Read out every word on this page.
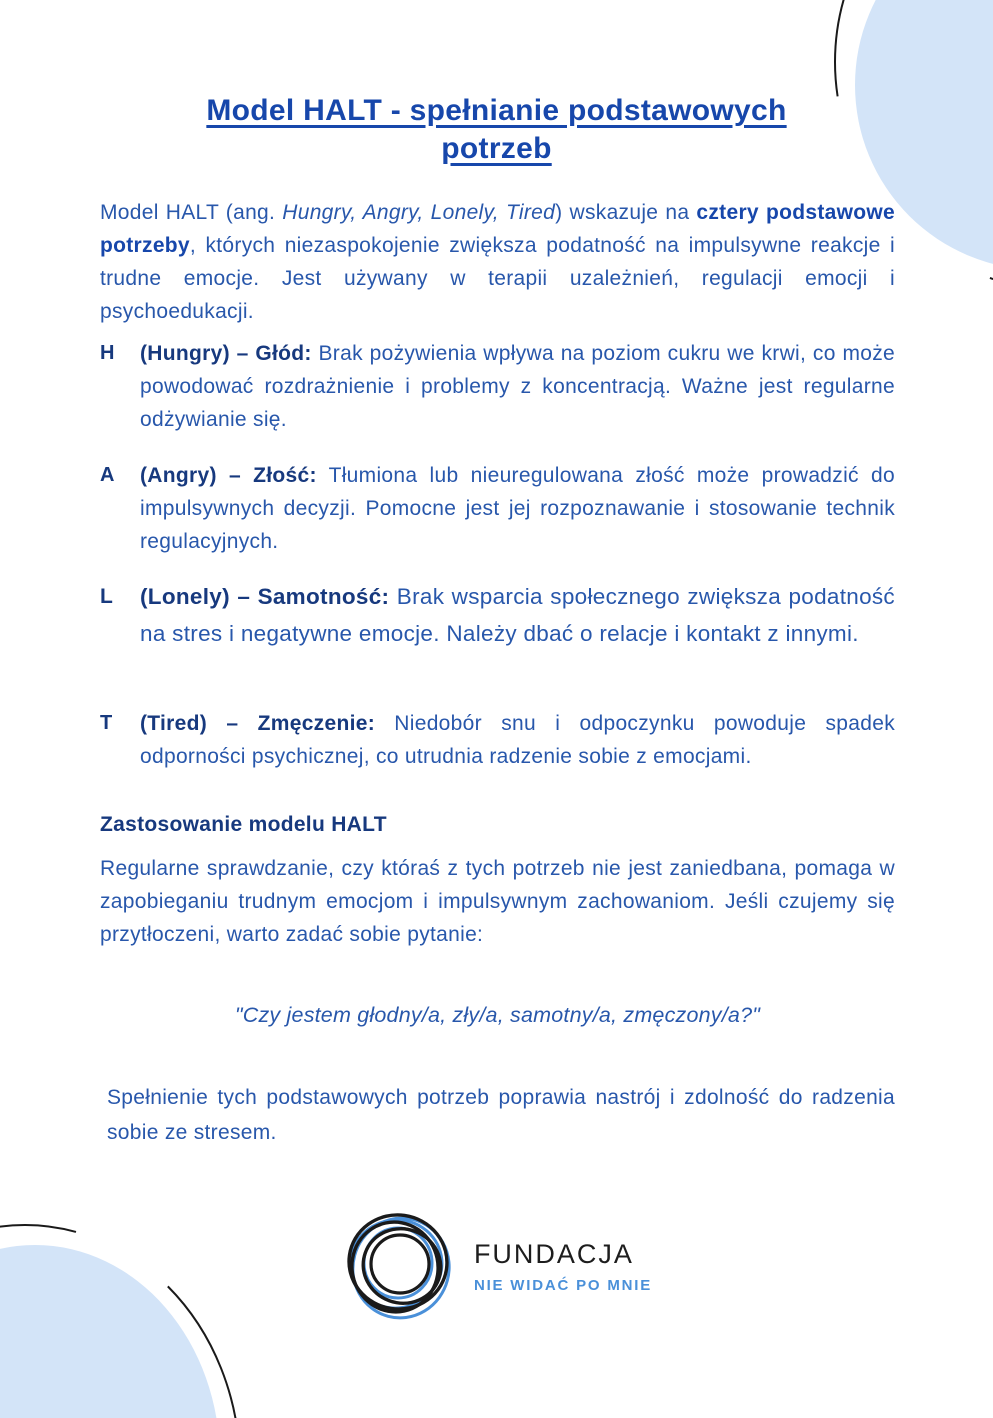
Model HALT - spełnianie podstawowych
potrzeb

Model HALT (ang. Hungry, Angry, Lonely, Tired) wskazuje na cztery podstawowe potrzeby, których niezaspokojenie zwiększa podatność na impulsywne reakcje i trudne emocje. Jest używany w terapii uzależnień, regulacji emocji i psychoedukacji.

H	(Hungry) – Głód: Brak pożywienia wpływa na poziom cukru we krwi, co może powodować rozdrażnienie i problemy z koncentracją. Ważne jest regularne odżywianie się.

A	(Angry) – Złość: Tłumiona lub nieuregulowana złość może prowadzić do impulsywnych decyzji. Pomocne jest jej rozpoznawanie i stosowanie technik regulacyjnych.

L	(Lonely) – Samotność: Brak wsparcia społecznego zwiększa podatność na stres i negatywne emocje. Należy dbać o relacje i kontakt z innymi.

T	(Tired) – Zmęczenie: Niedobór snu i odpoczynku powoduje spadek odporności psychicznej, co utrudnia radzenie sobie z emocjami.

Zastosowanie modelu HALT

Regularne sprawdzanie, czy któraś z tych potrzeb nie jest zaniedbana, pomaga w zapobieganiu trudnym emocjom i impulsywnym zachowaniom. Jeśli czujemy się przytłoczeni, warto zadać sobie pytanie:

"Czy jestem głodny/a, zły/a, samotny/a, zmęczony/a?"

Spełnienie tych podstawowych potrzeb poprawia nastrój i zdolność do radzenia sobie ze stresem.

FUNDACJA
NIE WIDAĆ PO MNIE
